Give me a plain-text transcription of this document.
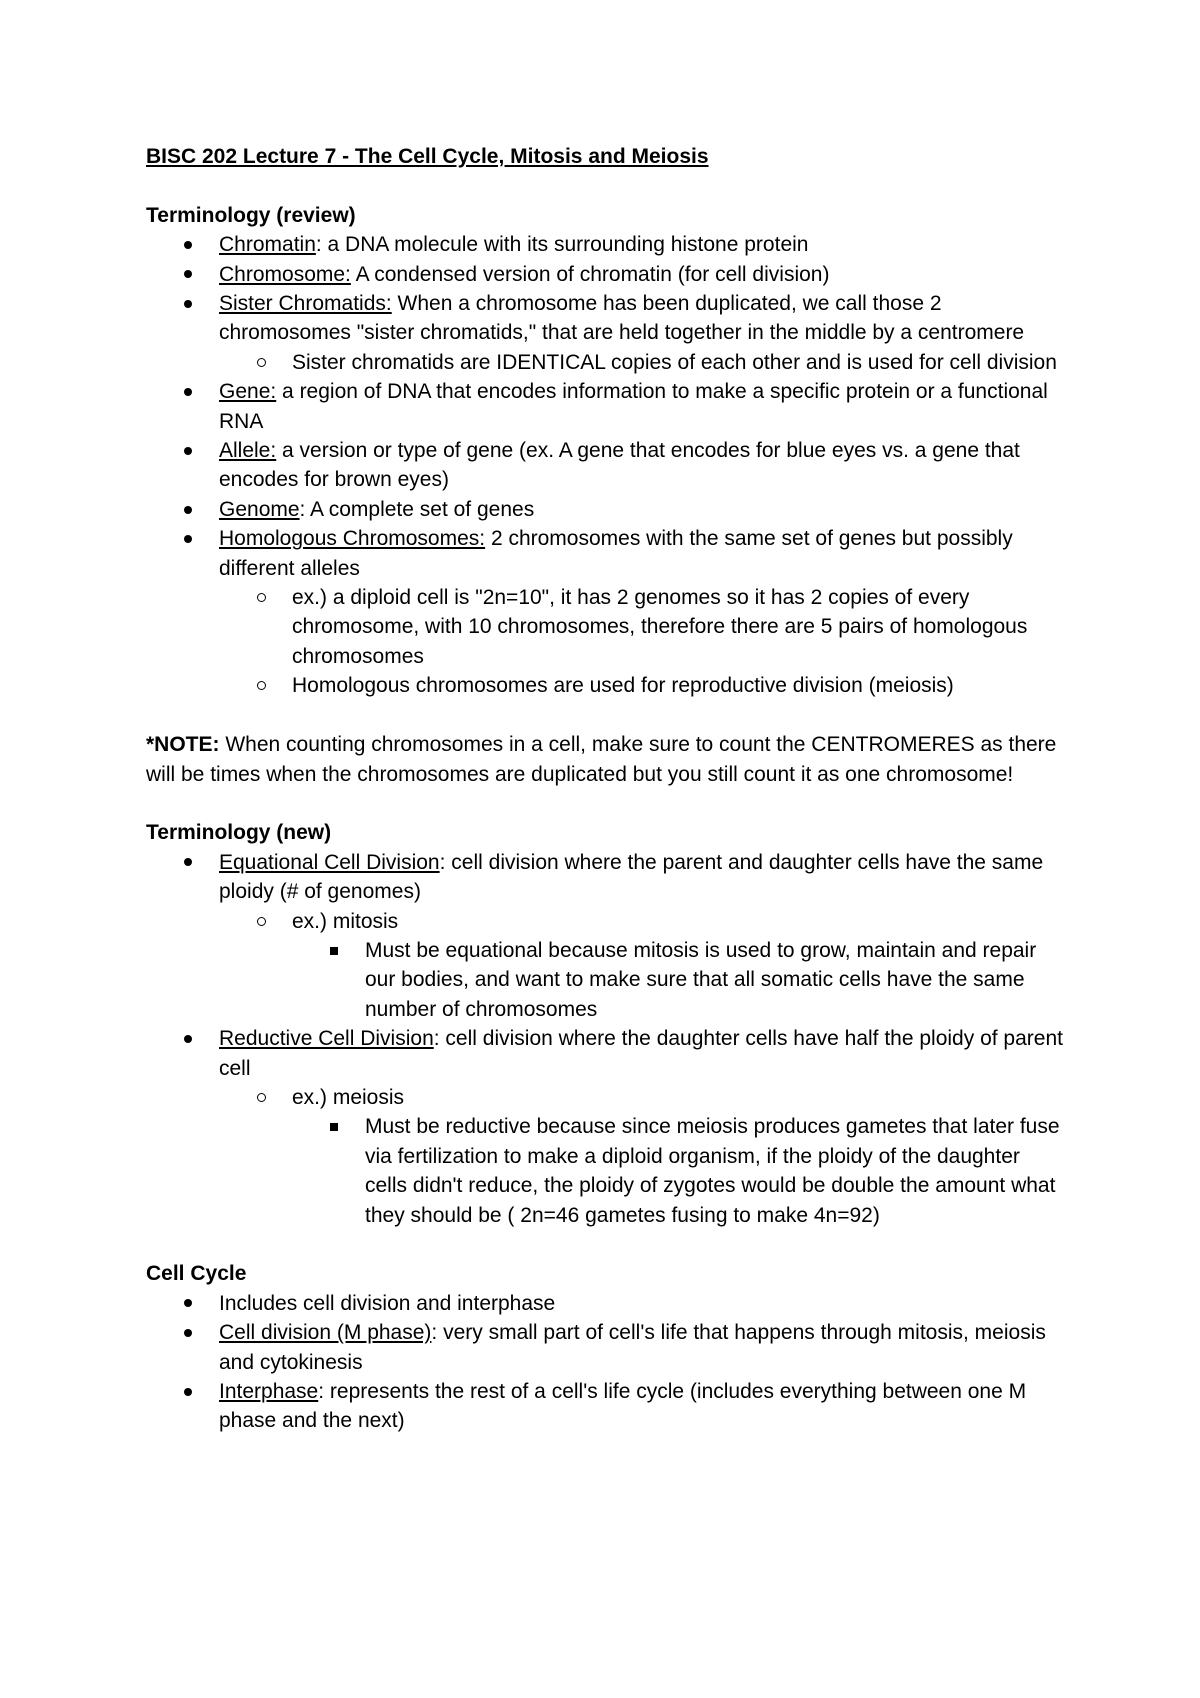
BISC 202 Lecture 7 - The Cell Cycle, Mitosis and Meiosis

Terminology (review)

Chromatin: a DNA molecule with its surrounding histone protein
Chromosome: A condensed version of chromatin (for cell division)
Sister Chromatids: When a chromosome has been duplicated, we call those 2 chromosomes "sister chromatids," that are held together in the middle by a centromere
Sister chromatids are IDENTICAL copies of each other and is used for cell division
Gene: a region of DNA that encodes information to make a specific protein or a functional RNA
Allele: a version or type of gene (ex. A gene that encodes for blue eyes vs. a gene that encodes for brown eyes)
Genome: A complete set of genes
Homologous Chromosomes: 2 chromosomes with the same set of genes but possibly different alleles
ex.) a diploid cell is "2n=10", it has 2 genomes so it has 2 copies of every chromosome, with 10 chromosomes, therefore there are 5 pairs of homologous chromosomes
Homologous chromosomes are used for reproductive division (meiosis)

*NOTE: When counting chromosomes in a cell, make sure to count the CENTROMERES as there will be times when the chromosomes are duplicated but you still count it as one chromosome!

Terminology (new)

Equational Cell Division: cell division where the parent and daughter cells have the same ploidy (# of genomes)
ex.) mitosis
Must be equational because mitosis is used to grow, maintain and repair our bodies, and want to make sure that all somatic cells have the same number of chromosomes
Reductive Cell Division: cell division where the daughter cells have half the ploidy of parent cell
ex.) meiosis
Must be reductive because since meiosis produces gametes that later fuse via fertilization to make a diploid organism, if the ploidy of the daughter cells didn't reduce, the ploidy of zygotes would be double the amount what they should be ( 2n=46 gametes fusing to make 4n=92)

Cell Cycle

Includes cell division and interphase
Cell division (M phase): very small part of cell's life that happens through mitosis, meiosis and cytokinesis
Interphase: represents the rest of a cell's life cycle (includes everything between one M phase and the next)
